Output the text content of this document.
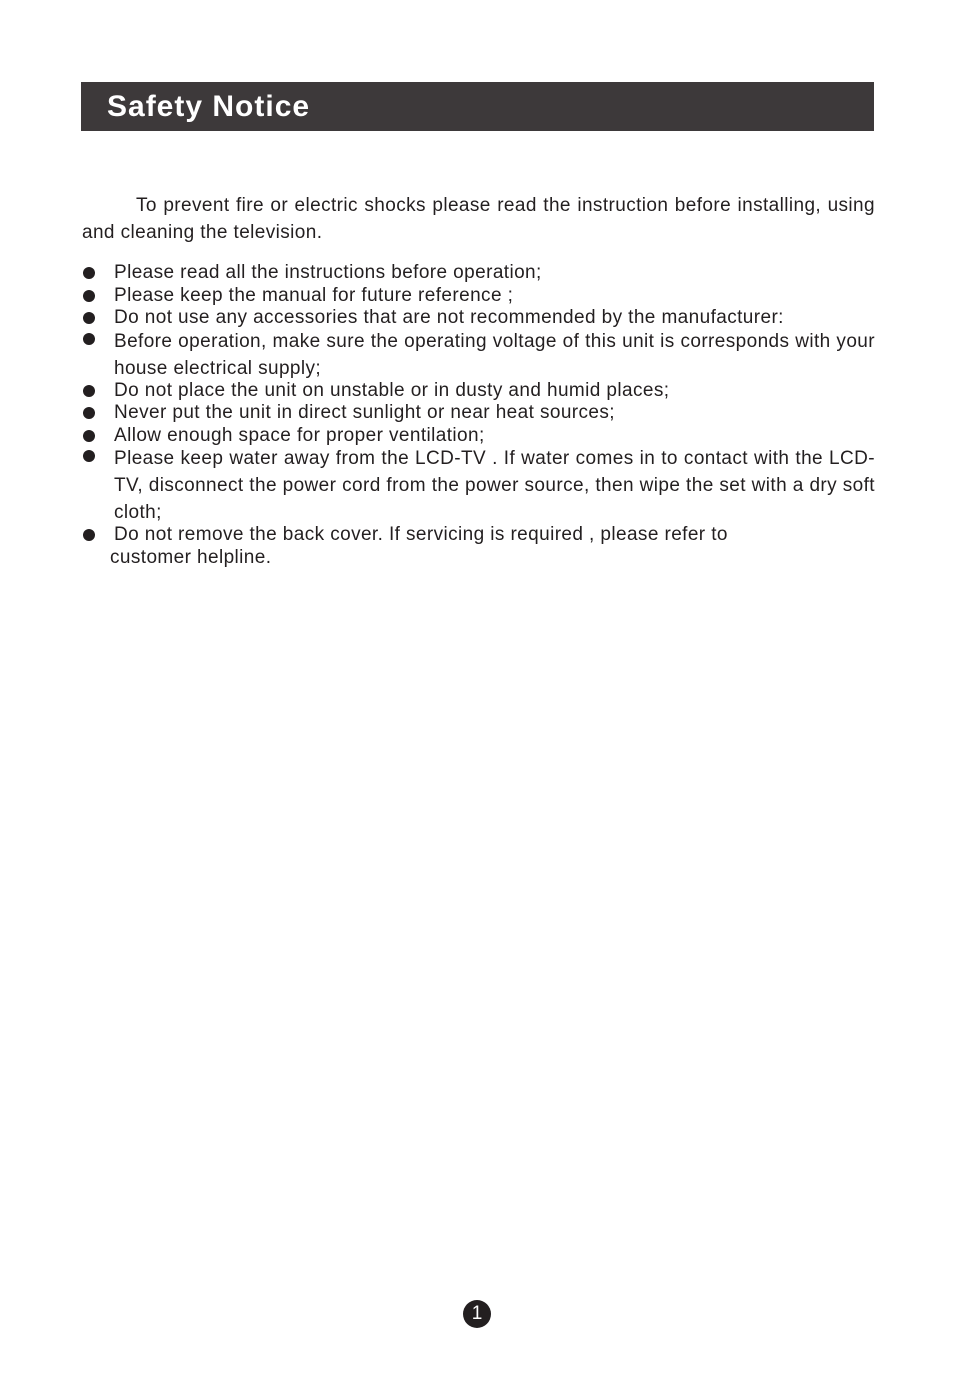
Safety Notice

To prevent fire or electric shocks please read the instruction before installing, using and cleaning the television.

Please read all the instructions before operation;
Please keep the manual for future reference ;
Do not use any accessories that are not recommended by the manufacturer:
Before operation, make sure the operating voltage of this unit is corresponds with your house electrical supply;
Do not place the unit on unstable or in dusty and humid places;
Never put the unit in direct sunlight or near heat sources;
Allow enough space for proper ventilation;
Please keep water away from the LCD-TV . If water comes in to contact with the LCD-TV, disconnect the power cord from the power source, then wipe the set with a dry soft cloth;
Do not remove the back cover. If servicing is required , please refer to
customer helpline.
1
